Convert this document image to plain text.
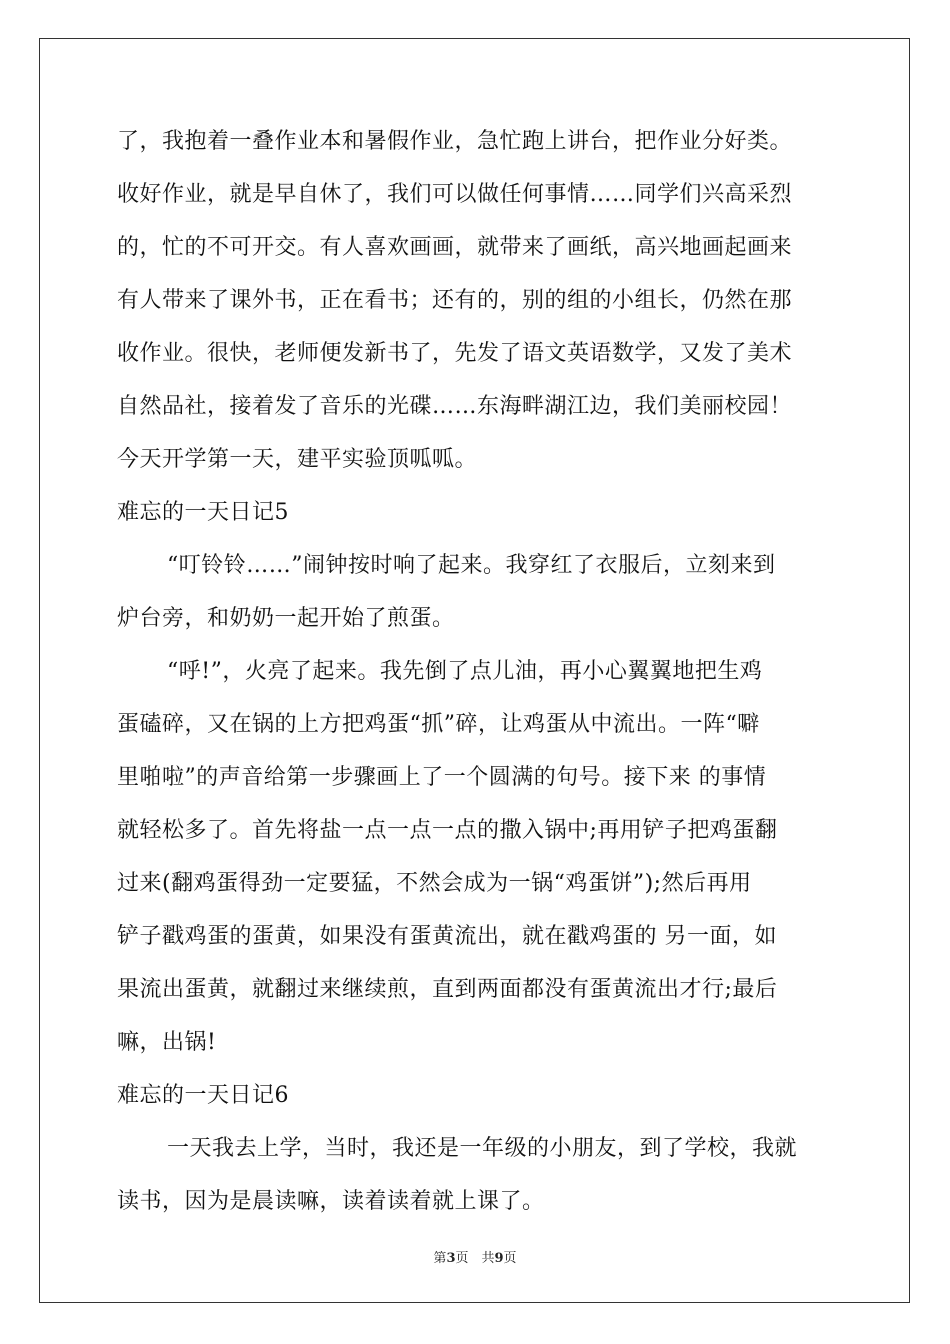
了，我抱着一叠作业本和暑假作业，急忙跑上讲台，把作业分好类。
收好作业，就是早自休了，我们可以做任何事情……同学们兴高采烈
的，忙的不可开交。有人喜欢画画，就带来了画纸，高兴地画起画来
有人带来了课外书，正在看书；还有的，别的组的小组长，仍然在那
收作业。很快，老师便发新书了，先发了语文英语数学，又发了美术
自然品社，接着发了音乐的光碟……东海畔湖江边，我们美丽校园！
今天开学第一天，建平实验顶呱呱。
难忘的一天日记5
“叮铃铃……”闹钟按时响了起来。我穿红了衣服后，立刻来到
炉台旁，和奶奶一起开始了煎蛋。
“呼!”，火亮了起来。我先倒了点儿油，再小心翼翼地把生鸡
蛋磕碎，又在锅的上方把鸡蛋“抓”碎，让鸡蛋从中流出。一阵“噼
里啪啦”的声音给第一步骤画上了一个圆满的句号。接下来 的事情
就轻松多了。首先将盐一点一点一点的撒入锅中;再用铲子把鸡蛋翻
过来(翻鸡蛋得劲一定要猛，不然会成为一锅“鸡蛋饼”);然后再用
铲子戳鸡蛋的蛋黄，如果没有蛋黄流出，就在戳鸡蛋的 另一面，如
果流出蛋黄，就翻过来继续煎，直到两面都没有蛋黄流出才行;最后
嘛，出锅!
难忘的一天日记6
一天我去上学，当时，我还是一年级的小朋友，到了学校，我就
读书，因为是晨读嘛，读着读着就上课了。
第3页　共9页
